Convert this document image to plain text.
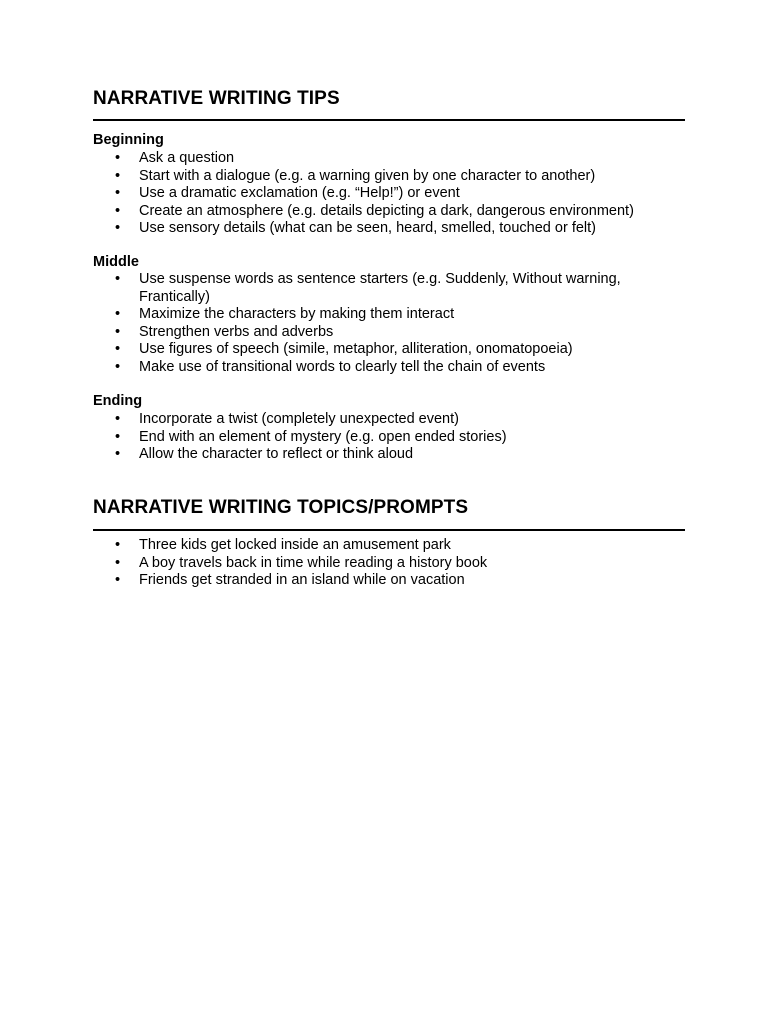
NARRATIVE WRITING TIPS
Beginning
• Ask a question
• Start with a dialogue (e.g. a warning given by one character to another)
• Use a dramatic exclamation (e.g. “Help!”) or event
• Create an atmosphere (e.g. details depicting a dark, dangerous environment)
• Use sensory details (what can be seen, heard, smelled, touched or felt)
Middle
• Use suspense words as sentence starters (e.g. Suddenly, Without warning, Frantically)
• Maximize the characters by making them interact
• Strengthen verbs and adverbs
• Use figures of speech (simile, metaphor, alliteration, onomatopoeia)
• Make use of transitional words to clearly tell the chain of events
Ending
• Incorporate a twist (completely unexpected event)
• End with an element of mystery (e.g. open ended stories)
• Allow the character to reflect or think aloud
NARRATIVE WRITING TOPICS/PROMPTS
• Three kids get locked inside an amusement park
• A boy travels back in time while reading a history book
• Friends get stranded in an island while on vacation
